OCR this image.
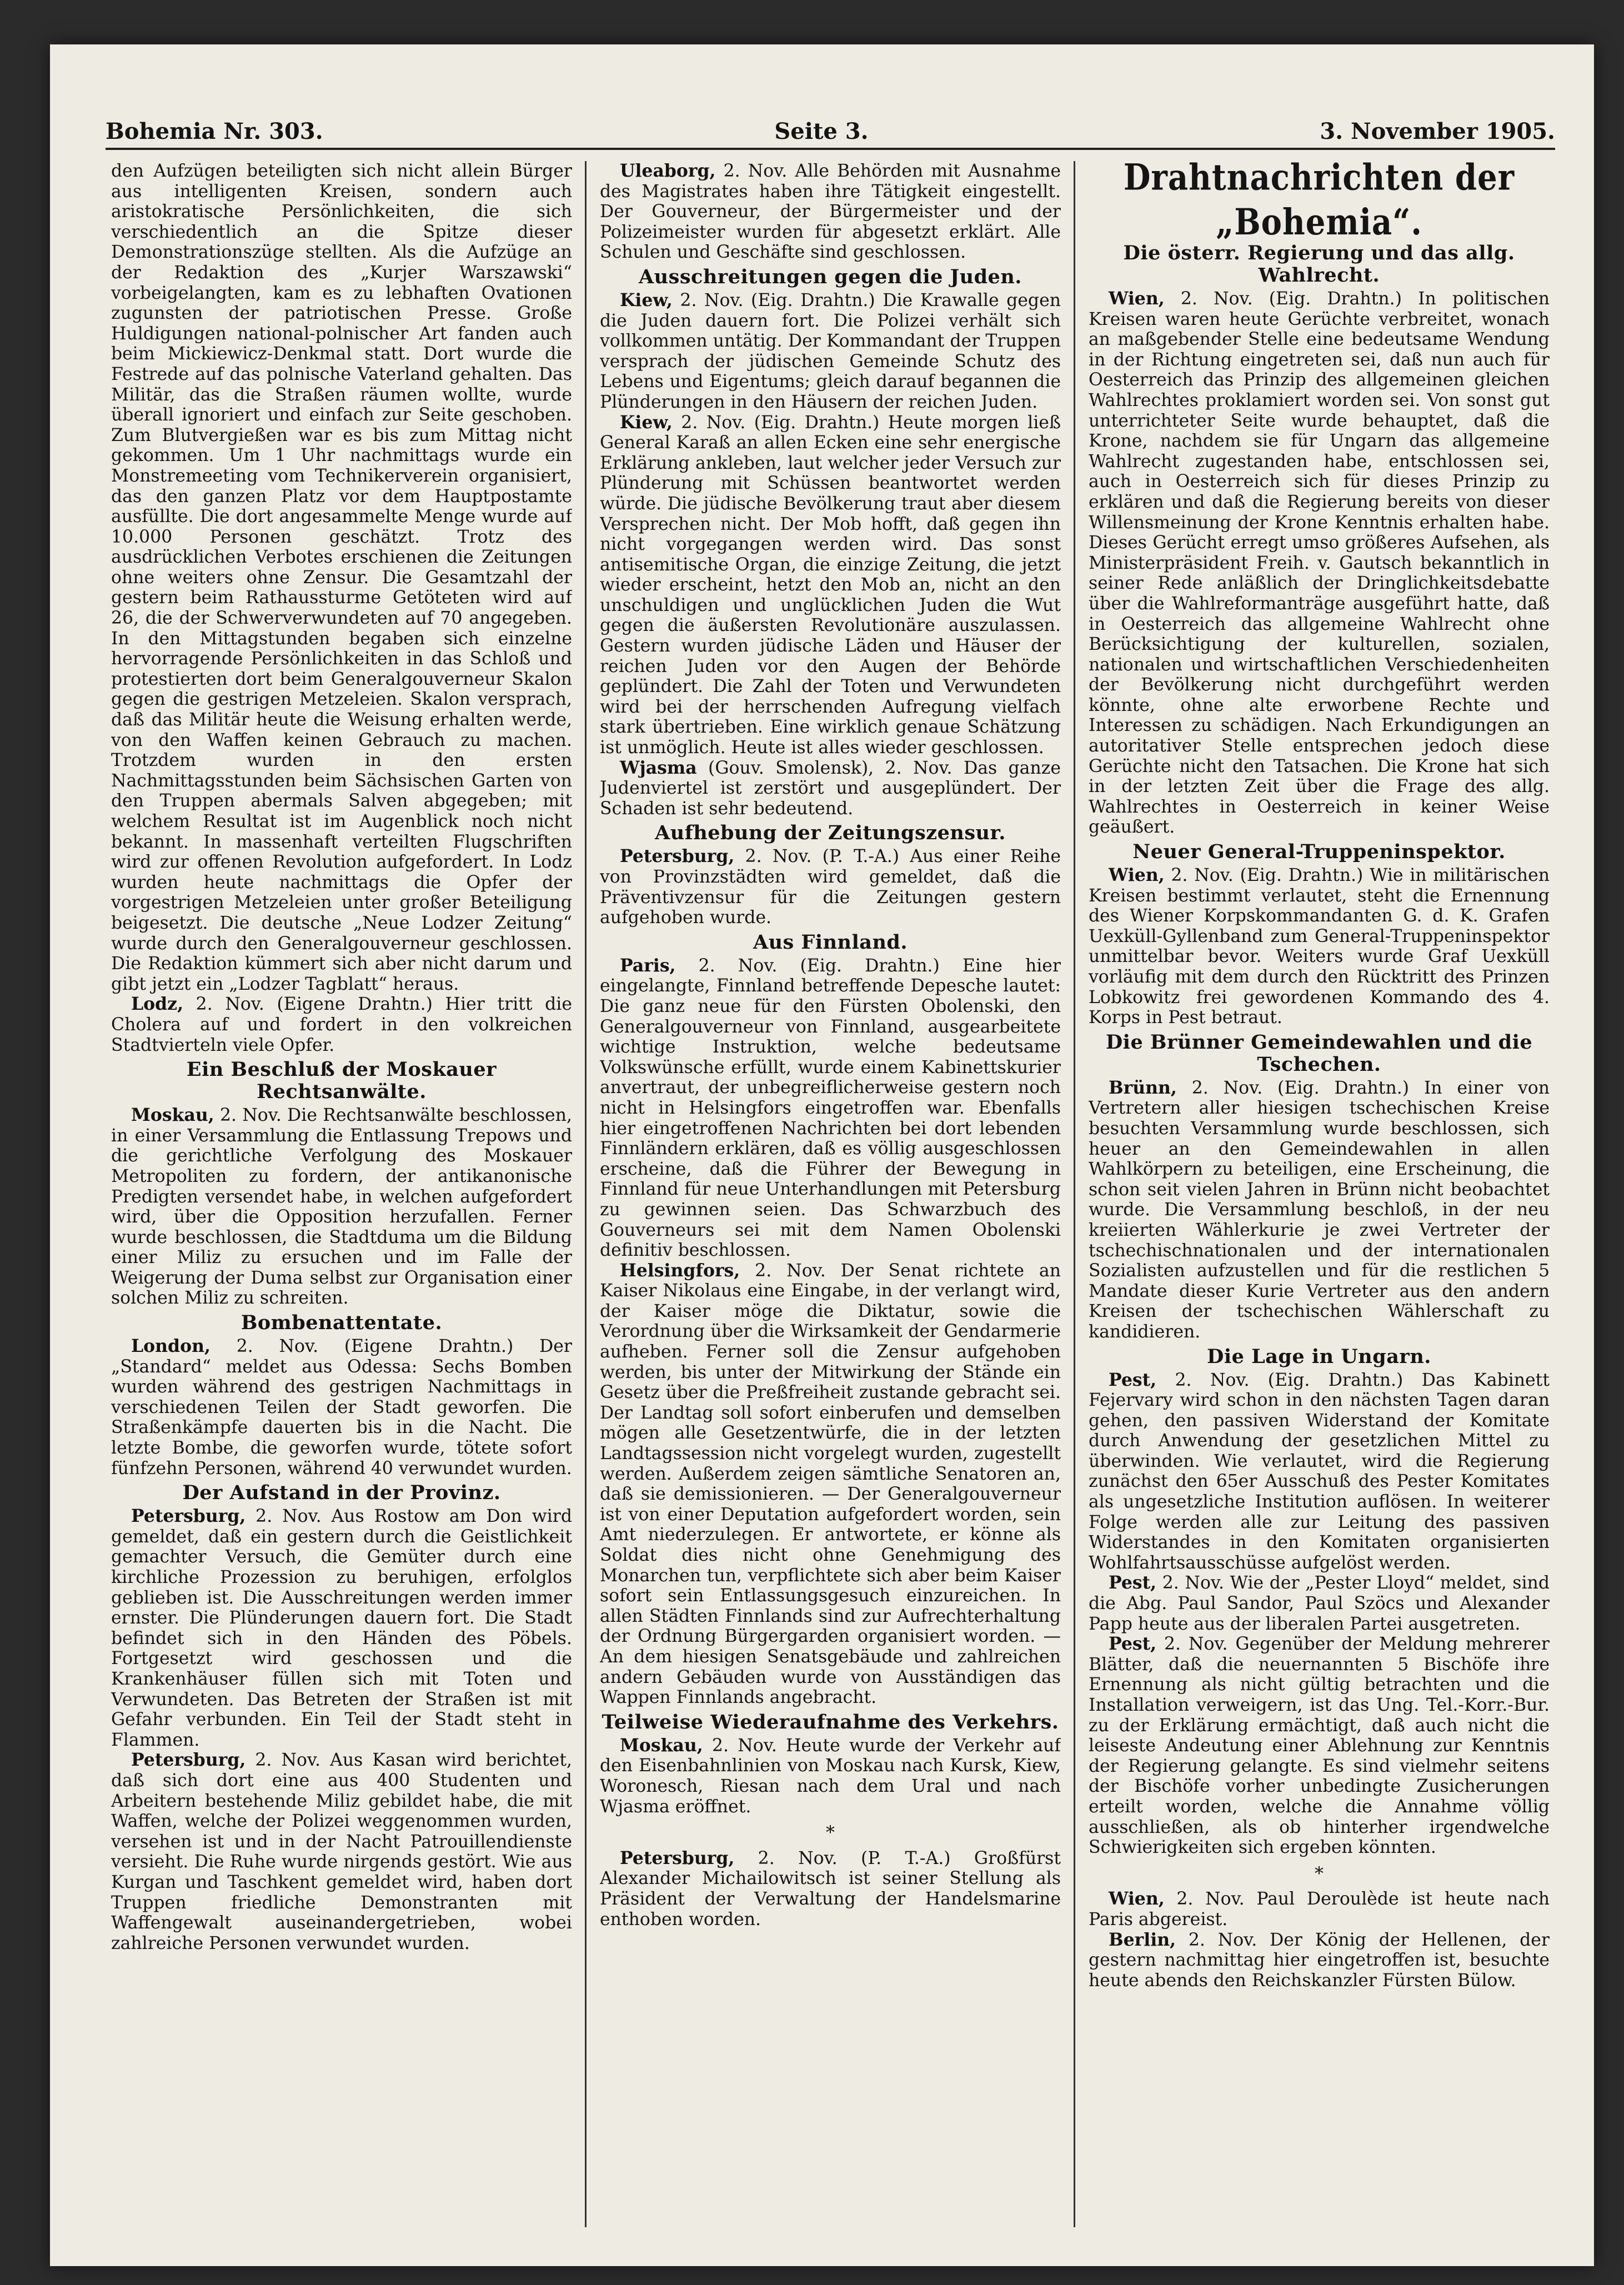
Bohemia Nr. 303.	Seite 3.	3. November 1905.

den Aufzügen beteiligten sich nicht allein Bürger aus intelligenten Kreisen, sondern auch aristokratische Persönlichkeiten, die sich verschiedentlich an die Spitze dieser Demonstrationszüge stellten. Als die Aufzüge an der Redaktion des „Kurjer Warszawski“ vorbeigelangten, kam es zu lebhaften Ovationen zugunsten der patriotischen Presse. Große Huldigungen national-polnischer Art fanden auch beim Mickiewicz-Denkmal statt. Dort wurde die Festrede auf das polnische Vaterland gehalten. Das Militär, das die Straßen räumen wollte, wurde überall ignoriert und einfach zur Seite geschoben. Zum Blutvergießen war es bis zum Mittag nicht gekommen. Um 1 Uhr nachmittags wurde ein Monstremeeting vom Technikerverein organisiert, das den ganzen Platz vor dem Hauptpostamte ausfüllte. Die dort angesammelte Menge wurde auf 10.000 Personen geschätzt. Trotz des ausdrücklichen Verbotes erschienen die Zeitungen ohne weiters ohne Zensur. Die Gesamtzahl der gestern beim Rathaussturme Getöteten wird auf 26, die der Schwerverwundeten auf 70 angegeben. In den Mittagstunden begaben sich einzelne hervorragende Persönlichkeiten in das Schloß und protestierten dort beim Generalgouverneur Skalon gegen die gestrigen Metzeleien. Skalon versprach, daß das Militär heute die Weisung erhalten werde, von den Waffen keinen Gebrauch zu machen. Trotzdem wurden in den ersten Nachmittagsstunden beim Sächsischen Garten von den Truppen abermals Salven abgegeben; mit welchem Resultat ist im Augenblick noch nicht bekannt. In massenhaft verteilten Flugschriften wird zur offenen Revolution aufgefordert. In Lodz wurden heute nachmittags die Opfer der vorgestrigen Metzeleien unter großer Beteiligung beigesetzt. Die deutsche „Neue Lodzer Zeitung“ wurde durch den Generalgouverneur geschlossen. Die Redaktion kümmert sich aber nicht darum und gibt jetzt ein „Lodzer Tagblatt“ heraus.

Lodz, 2. Nov. (Eigene Drahtn.) Hier tritt die Cholera auf und fordert in den volkreichen Stadtvierteln viele Opfer.

Ein Beschluß der Moskauer Rechtsanwälte.

Moskau, 2. Nov. Die Rechtsanwälte beschlossen, in einer Versammlung die Entlassung Trepows und die gerichtliche Verfolgung des Moskauer Metropoliten zu fordern, der antikanonische Predigten versendet habe, in welchen aufgefordert wird, über die Opposition herzufallen. Ferner wurde beschlossen, die Stadtduma um die Bildung einer Miliz zu ersuchen und im Falle der Weigerung der Duma selbst zur Organisation einer solchen Miliz zu schreiten.

Bombenattentate.

London, 2. Nov. (Eigene Drahtn.) Der „Standard“ meldet aus Odessa: Sechs Bomben wurden während des gestrigen Nachmittags in verschiedenen Teilen der Stadt geworfen. Die Straßenkämpfe dauerten bis in die Nacht. Die letzte Bombe, die geworfen wurde, tötete sofort fünfzehn Personen, während 40 verwundet wurden.

Der Aufstand in der Provinz.

Petersburg, 2. Nov. Aus Rostow am Don wird gemeldet, daß ein gestern durch die Geistlichkeit gemachter Versuch, die Gemüter durch eine kirchliche Prozession zu beruhigen, erfolglos geblieben ist. Die Ausschreitungen werden immer ernster. Die Plünderungen dauern fort. Die Stadt befindet sich in den Händen des Pöbels. Fortgesetzt wird geschossen und die Krankenhäuser füllen sich mit Toten und Verwundeten. Das Betreten der Straßen ist mit Gefahr verbunden. Ein Teil der Stadt steht in Flammen.

Petersburg, 2. Nov. Aus Kasan wird berichtet, daß sich dort eine aus 400 Studenten und Arbeitern bestehende Miliz gebildet habe, die mit Waffen, welche der Polizei weggenommen wurden, versehen ist und in der Nacht Patrouillendienste versieht. Die Ruhe wurde nirgends gestört. Wie aus Kurgan und Taschkent gemeldet wird, haben dort Truppen friedliche Demonstranten mit Waffengewalt auseinandergetrieben, wobei zahlreiche Personen verwundet wurden.

Uleaborg, 2. Nov. Alle Behörden mit Ausnahme des Magistrates haben ihre Tätigkeit eingestellt. Der Gouverneur, der Bürgermeister und der Polizeimeister wurden für abgesetzt erklärt. Alle Schulen und Geschäfte sind geschlossen.

Ausschreitungen gegen die Juden.

Kiew, 2. Nov. (Eig. Drahtn.) Die Krawalle gegen die Juden dauern fort. Die Polizei verhält sich vollkommen untätig. Der Kommandant der Truppen versprach der jüdischen Gemeinde Schutz des Lebens und Eigentums; gleich darauf begannen die Plünderungen in den Häusern der reichen Juden.

Kiew, 2. Nov. (Eig. Drahtn.) Heute morgen ließ General Karaß an allen Ecken eine sehr energische Erklärung ankleben, laut welcher jeder Versuch zur Plünderung mit Schüssen beantwortet werden würde. Die jüdische Bevölkerung traut aber diesem Versprechen nicht. Der Mob hofft, daß gegen ihn nicht vorgegangen werden wird. Das sonst antisemitische Organ, die einzige Zeitung, die jetzt wieder erscheint, hetzt den Mob an, nicht an den unschuldigen und unglücklichen Juden die Wut gegen die äußersten Revolutionäre auszulassen. Gestern wurden jüdische Läden und Häuser der reichen Juden vor den Augen der Behörde geplündert. Die Zahl der Toten und Verwundeten wird bei der herrschenden Aufregung vielfach stark übertrieben. Eine wirklich genaue Schätzung ist unmöglich. Heute ist alles wieder geschlossen.

Wjasma (Gouv. Smolensk), 2. Nov. Das ganze Judenviertel ist zerstört und ausgeplündert. Der Schaden ist sehr bedeutend.

Aufhebung der Zeitungszensur.

Petersburg, 2. Nov. (P. T.-A.) Aus einer Reihe von Provinzstädten wird gemeldet, daß die Präventivzensur für die Zeitungen gestern aufgehoben wurde.

Aus Finnland.

Paris, 2. Nov. (Eig. Drahtn.) Eine hier eingelangte, Finnland betreffende Depesche lautet: Die ganz neue für den Fürsten Obolenski, den Generalgouverneur von Finnland, ausgearbeitete wichtige Instruktion, welche bedeutsame Volkswünsche erfüllt, wurde einem Kabinettskurier anvertraut, der unbegreiflicherweise gestern noch nicht in Helsingfors eingetroffen war. Ebenfalls hier eingetroffenen Nachrichten bei dort lebenden Finnländern erklären, daß es völlig ausgeschlossen erscheine, daß die Führer der Bewegung in Finnland für neue Unterhandlungen mit Petersburg zu gewinnen seien. Das Schwarzbuch des Gouverneurs sei mit dem Namen Obolenski definitiv beschlossen.

Helsingfors, 2. Nov. Der Senat richtete an Kaiser Nikolaus eine Eingabe, in der verlangt wird, der Kaiser möge die Diktatur, sowie die Verordnung über die Wirksamkeit der Gendarmerie aufheben. Ferner soll die Zensur aufgehoben werden, bis unter der Mitwirkung der Stände ein Gesetz über die Preßfreiheit zustande gebracht sei. Der Landtag soll sofort einberufen und demselben mögen alle Gesetzentwürfe, die in der letzten Landtagssession nicht vorgelegt wurden, zugestellt werden. Außerdem zeigen sämtliche Senatoren an, daß sie demissionieren. — Der Generalgouverneur ist von einer Deputation aufgefordert worden, sein Amt niederzulegen. Er antwortete, er könne als Soldat dies nicht ohne Genehmigung des Monarchen tun, verpflichtete sich aber beim Kaiser sofort sein Entlassungsgesuch einzureichen. In allen Städten Finnlands sind zur Aufrechterhaltung der Ordnung Bürgergarden organisiert worden. — An dem hiesigen Senatsgebäude und zahlreichen andern Gebäuden wurde von Ausständigen das Wappen Finnlands angebracht.

Teilweise Wiederaufnahme des Verkehrs.

Moskau, 2. Nov. Heute wurde der Verkehr auf den Eisenbahnlinien von Moskau nach Kursk, Kiew, Woronesch, Riesan nach dem Ural und nach Wjasma eröffnet.

*

Petersburg, 2. Nov. (P. T.-A.) Großfürst Alexander Michailowitsch ist seiner Stellung als Präsident der Verwaltung der Handelsmarine enthoben worden.

Drahtnachrichten der „Bohemia“.
Die österr. Regierung und das allg. Wahlrecht.

Wien, 2. Nov. (Eig. Drahtn.) In politischen Kreisen waren heute Gerüchte verbreitet, wonach an maßgebender Stelle eine bedeutsame Wendung in der Richtung eingetreten sei, daß nun auch für Oesterreich das Prinzip des allgemeinen gleichen Wahlrechtes proklamiert worden sei. Von sonst gut unterrichteter Seite wurde behauptet, daß die Krone, nachdem sie für Ungarn das allgemeine Wahlrecht zugestanden habe, entschlossen sei, auch in Oesterreich sich für dieses Prinzip zu erklären und daß die Regierung bereits von dieser Willensmeinung der Krone Kenntnis erhalten habe. Dieses Gerücht erregt umso größeres Aufsehen, als Ministerpräsident Freih. v. Gautsch bekanntlich in seiner Rede anläßlich der Dringlichkeitsdebatte über die Wahlreformanträge ausgeführt hatte, daß in Oesterreich das allgemeine Wahlrecht ohne Berücksichtigung der kulturellen, sozialen, nationalen und wirtschaftlichen Verschiedenheiten der Bevölkerung nicht durchgeführt werden könnte, ohne alte erworbene Rechte und Interessen zu schädigen. Nach Erkundigungen an autoritativer Stelle entsprechen jedoch diese Gerüchte nicht den Tatsachen. Die Krone hat sich in der letzten Zeit über die Frage des allg. Wahlrechtes in Oesterreich in keiner Weise geäußert.

Neuer General-Truppeninspektor.

Wien, 2. Nov. (Eig. Drahtn.) Wie in militärischen Kreisen bestimmt verlautet, steht die Ernennung des Wiener Korpskommandanten G. d. K. Grafen Uexküll-Gyllenband zum General-Truppeninspektor unmittelbar bevor. Weiters wurde Graf Uexküll vorläufig mit dem durch den Rücktritt des Prinzen Lobkowitz frei gewordenen Kommando des 4. Korps in Pest betraut.

Die Brünner Gemeindewahlen und die Tschechen.

Brünn, 2. Nov. (Eig. Drahtn.) In einer von Vertretern aller hiesigen tschechischen Kreise besuchten Versammlung wurde beschlossen, sich heuer an den Gemeindewahlen in allen Wahlkörpern zu beteiligen, eine Erscheinung, die schon seit vielen Jahren in Brünn nicht beobachtet wurde. Die Versammlung beschloß, in der neu kreiierten Wählerkurie je zwei Vertreter der tschechischnationalen und der internationalen Sozialisten aufzustellen und für die restlichen 5 Mandate dieser Kurie Vertreter aus den andern Kreisen der tschechischen Wählerschaft zu kandidieren.

Die Lage in Ungarn.

Pest, 2. Nov. (Eig. Drahtn.) Das Kabinett Fejervary wird schon in den nächsten Tagen daran gehen, den passiven Widerstand der Komitate durch Anwendung der gesetzlichen Mittel zu überwinden. Wie verlautet, wird die Regierung zunächst den 65er Ausschuß des Pester Komitates als ungesetzliche Institution auflösen. In weiterer Folge werden alle zur Leitung des passiven Widerstandes in den Komitaten organisierten Wohlfahrtsausschüsse aufgelöst werden.

Pest, 2. Nov. Wie der „Pester Lloyd“ meldet, sind die Abg. Paul Sandor, Paul Szöcs und Alexander Papp heute aus der liberalen Partei ausgetreten.

Pest, 2. Nov. Gegenüber der Meldung mehrerer Blätter, daß die neuernannten 5 Bischöfe ihre Ernennung als nicht gültig betrachten und die Installation verweigern, ist das Ung. Tel.-Korr.-Bur. zu der Erklärung ermächtigt, daß auch nicht die leiseste Andeutung einer Ablehnung zur Kenntnis der Regierung gelangte. Es sind vielmehr seitens der Bischöfe vorher unbedingte Zusicherungen erteilt worden, welche die Annahme völlig ausschließen, als ob hinterher irgendwelche Schwierigkeiten sich ergeben könnten.

*

Wien, 2. Nov. Paul Deroulède ist heute nach Paris abgereist.

Berlin, 2. Nov. Der König der Hellenen, der gestern nachmittag hier eingetroffen ist, besuchte heute abends den Reichskanzler Fürsten Bülow.
